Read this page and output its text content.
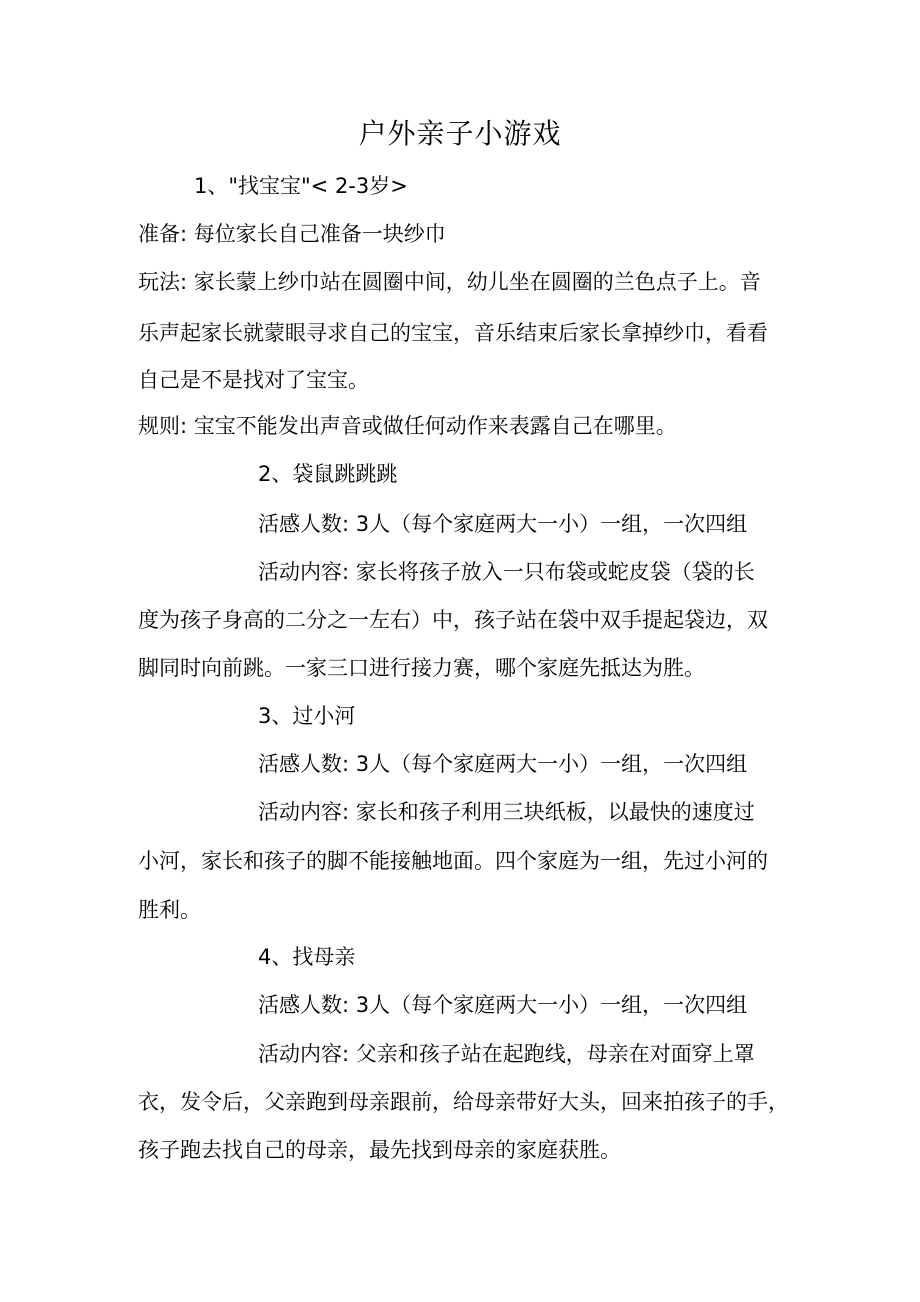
户外亲子小游戏
1、"找宝宝"< 2-3岁>
准备: 每位家长自己准备一块纱巾
玩法: 家长蒙上纱巾站在圆圈中间，幼儿坐在圆圈的兰色点子上。音
乐声起家长就蒙眼寻求自己的宝宝，音乐结束后家长拿掉纱巾，看看
自己是不是找对了宝宝。
规则: 宝宝不能发出声音或做任何动作来表露自己在哪里。
2、袋鼠跳跳跳
活感人数: 3人（每个家庭两大一小）一组，一次四组
活动内容: 家长将孩子放入一只布袋或蛇皮袋（袋的长
度为孩子身高的二分之一左右）中，孩子站在袋中双手提起袋边，双
脚同时向前跳。一家三口进行接力赛，哪个家庭先抵达为胜。
3、过小河
活感人数: 3人（每个家庭两大一小）一组，一次四组
活动内容: 家长和孩子利用三块纸板，以最快的速度过
小河，家长和孩子的脚不能接触地面。四个家庭为一组，先过小河的
胜利。
4、找母亲
活感人数: 3人（每个家庭两大一小）一组，一次四组
活动内容: 父亲和孩子站在起跑线，母亲在对面穿上罩
衣，发令后，父亲跑到母亲跟前，给母亲带好大头，回来拍孩子的手，
孩子跑去找自己的母亲，最先找到母亲的家庭获胜。
